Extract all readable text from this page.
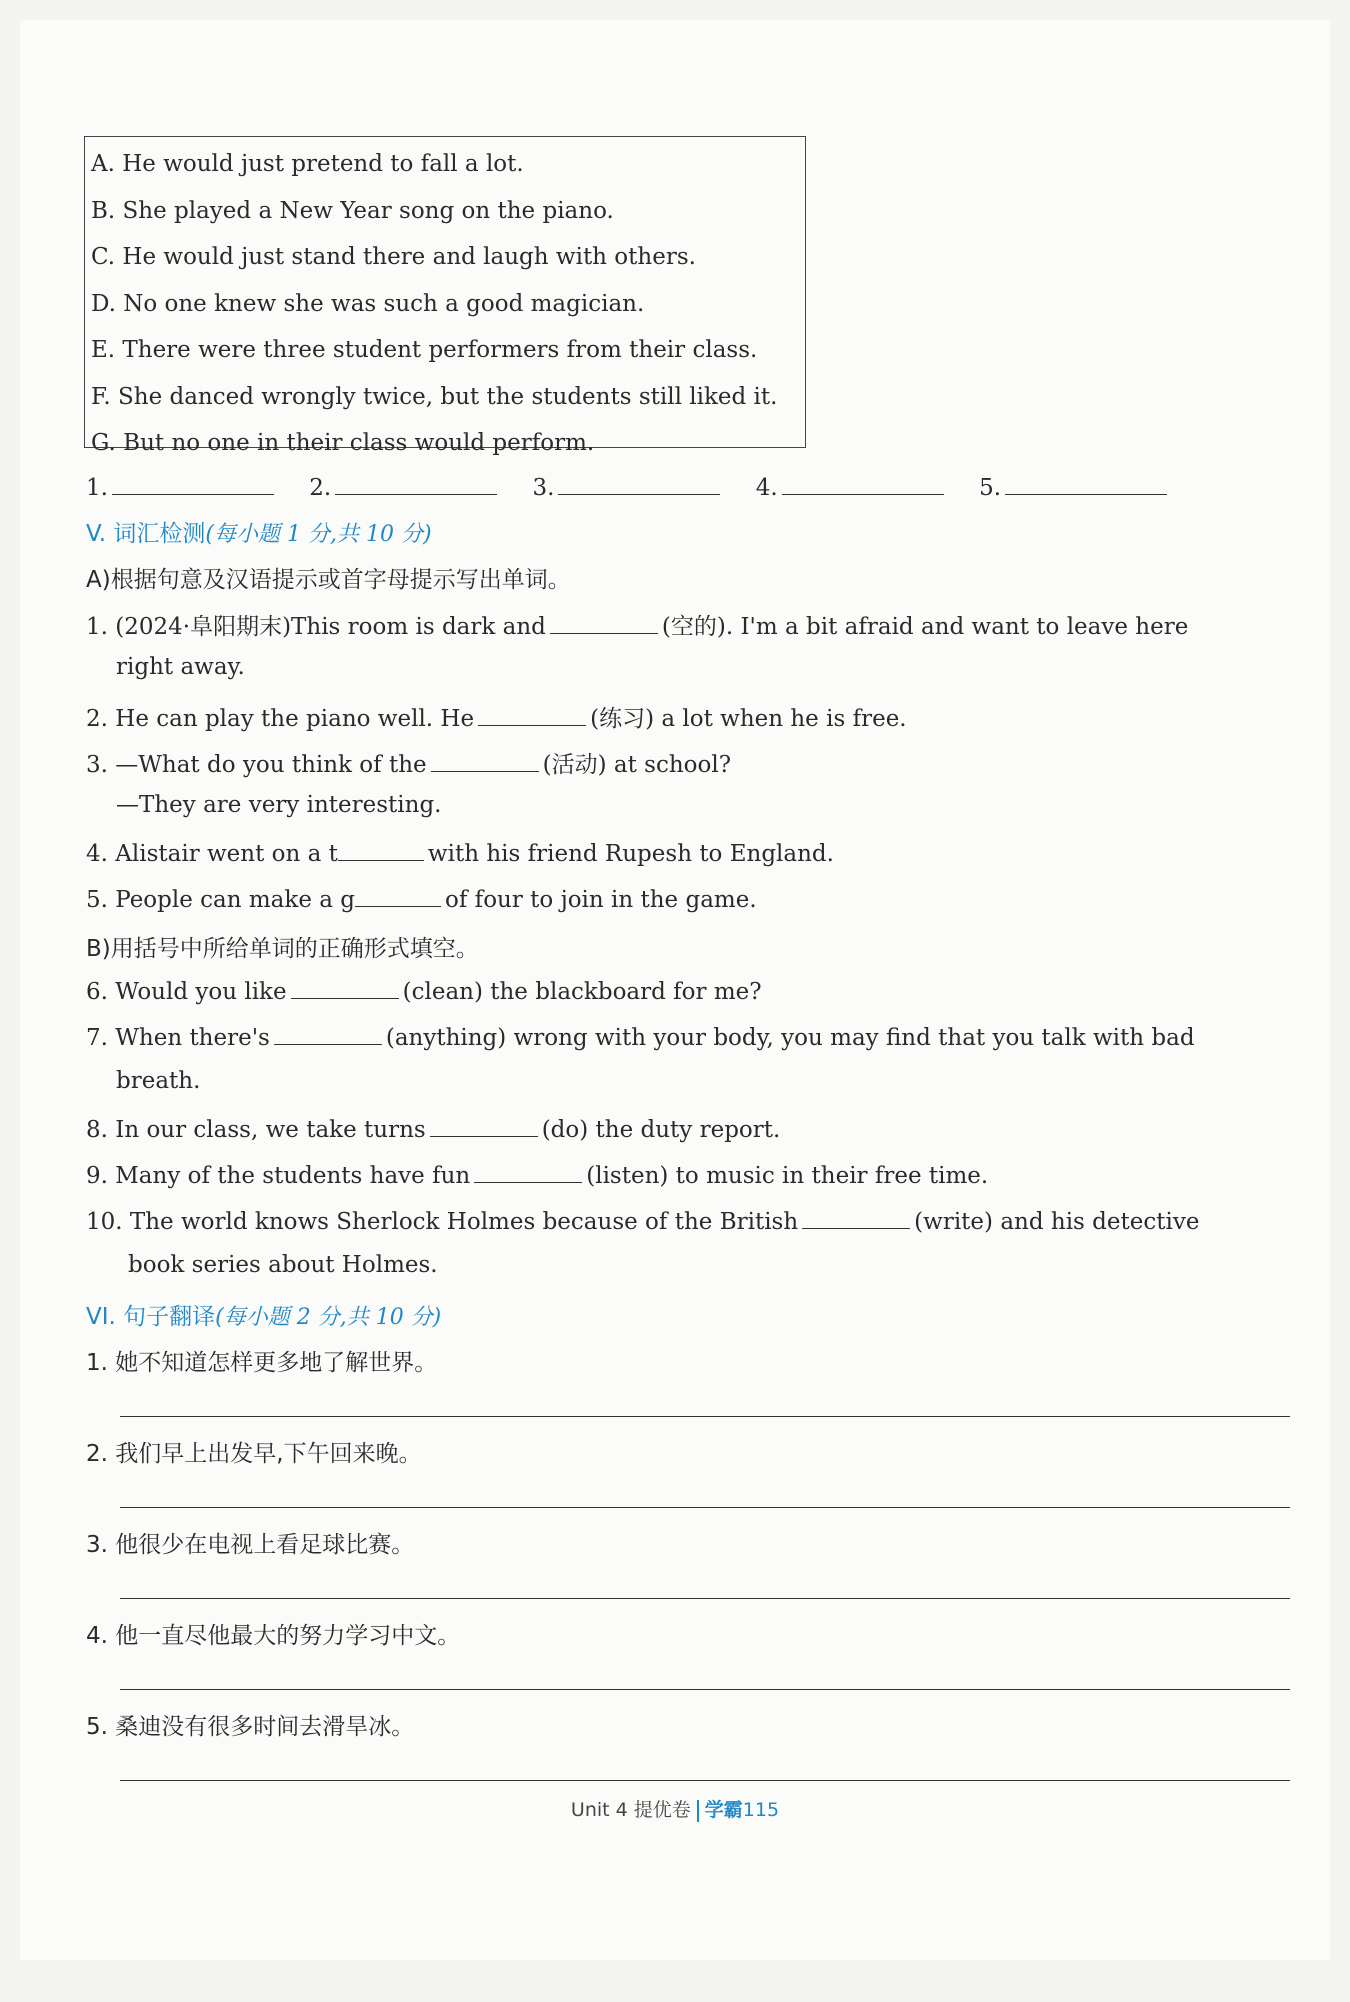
A. He would just pretend to fall a lot.
B. She played a New Year song on the piano.
C. He would just stand there and laugh with others.
D. No one knew she was such a good magician.
E. There were three student performers from their class.
F. She danced wrongly twice, but the students still liked it.
G. But no one in their class would perform.
1.	2.	3.	4.	5.
V. 词汇检测(每小题 1 分,共 10 分)
A)根据句意及汉语提示或首字母提示写出单词。
1. (2024·阜阳期末)This room is dark and	(空的). I'm a bit afraid and want to leave here
right away.
2. He can play the piano well. He	(练习) a lot when he is free.
3. —What do you think of the	(活动) at school?
—They are very interesting.
4. Alistair went on a t	with his friend Rupesh to England.
5. People can make a g	of four to join in the game.
B)用括号中所给单词的正确形式填空。
6. Would you like	(clean) the blackboard for me?
7. When there's	(anything) wrong with your body, you may find that you talk with bad
breath.
8. In our class, we take turns	(do) the duty report.
9. Many of the students have fun	(listen) to music in their free time.
10. The world knows Sherlock Holmes because of the British	(write) and his detective
book series about Holmes.
VI. 句子翻译(每小题 2 分,共 10 分)
1. 她不知道怎样更多地了解世界。
2. 我们早上出发早,下午回来晚。
3. 他很少在电视上看足球比赛。
4. 他一直尽他最大的努力学习中文。
5. 桑迪没有很多时间去滑旱冰。
Unit 4 提优卷 学霸115
